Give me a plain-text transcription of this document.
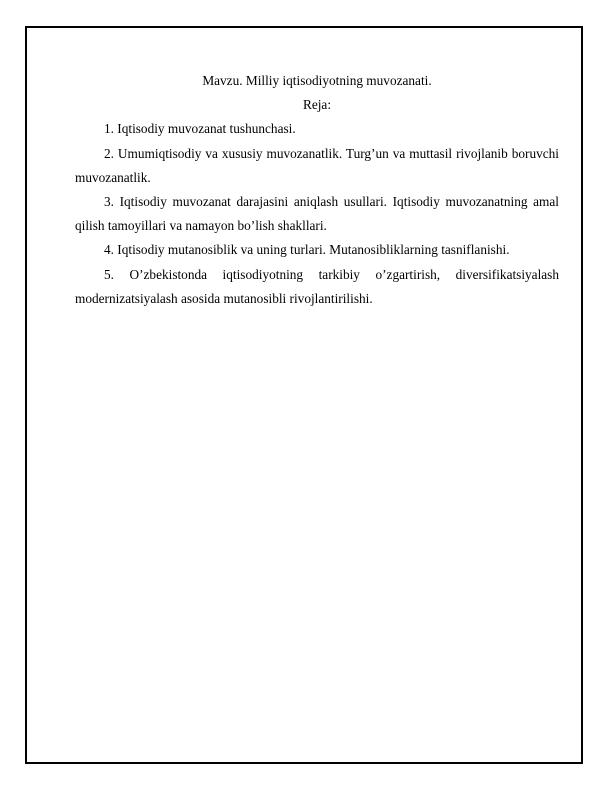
Mavzu. Milliy iqtisodiyotning muvozanati.

Reja:

1. Iqtisodiy muvozanat tushunchasi.

2. Umumiqtisodiy va xususiy muvozanatlik. Turg’un va muttasil rivojlanib boruvchi muvozanatlik.

3. Iqtisodiy muvozanat darajasini aniqlash usullari. Iqtisodiy muvozanatning amal qilish tamoyillari va namayon bo’lish shakllari.

4. Iqtisodiy mutanosiblik va uning turlari. Mutanosibliklarning tasniflanishi.

5. O’zbekistonda iqtisodiyotning tarkibiy o’zgartirish, diversifikatsiyalash modernizatsiyalash asosida mutanosibli rivojlantirilishi.
